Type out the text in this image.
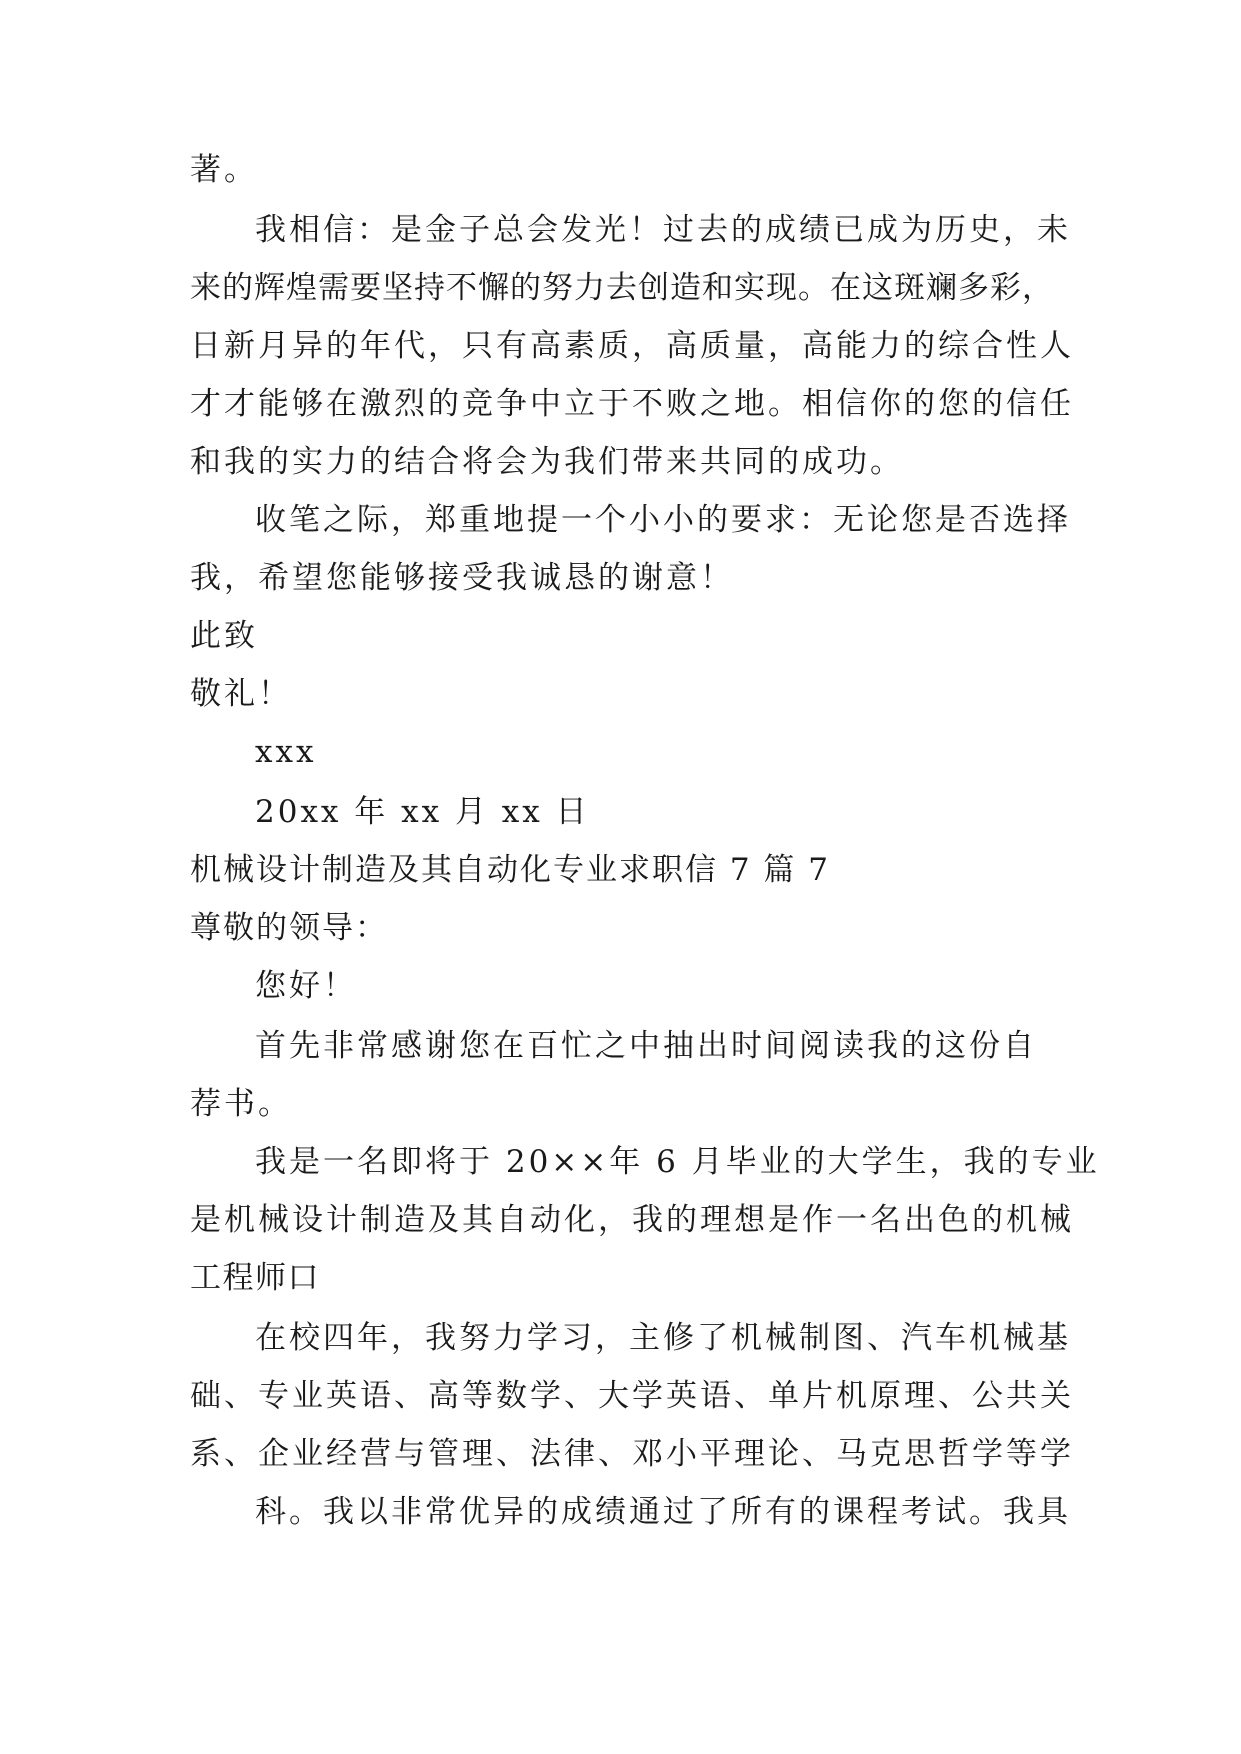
著。
我相信：是金子总会发光！过去的成绩已成为历史，未
来的辉煌需要坚持不懈的努力去创造和实现。在这斑斓多彩，
日新月异的年代，只有高素质，高质量，高能力的综合性人
才才能够在激烈的竞争中立于不败之地。相信你的您的信任
和我的实力的结合将会为我们带来共同的成功。
收笔之际，郑重地提一个小小的要求：无论您是否选择
我，希望您能够接受我诚恳的谢意！
此致
敬礼！
xxx
20xx 年 xx 月 xx 日
机械设计制造及其自动化专业求职信 7 篇 7
尊敬的领导：
您好！
首先非常感谢您在百忙之中抽出时间阅读我的这份自
荐书。
我是一名即将于 20××年 6 月毕业的大学生，我的专业
是机械设计制造及其自动化，我的理想是作一名出色的机械
工程师口
在校四年，我努力学习，主修了机械制图、汽车机械基
础、专业英语、高等数学、大学英语、单片机原理、公共关
系、企业经营与管理、法律、邓小平理论、马克思哲学等学
科。我以非常优异的成绩通过了所有的课程考试。我具
